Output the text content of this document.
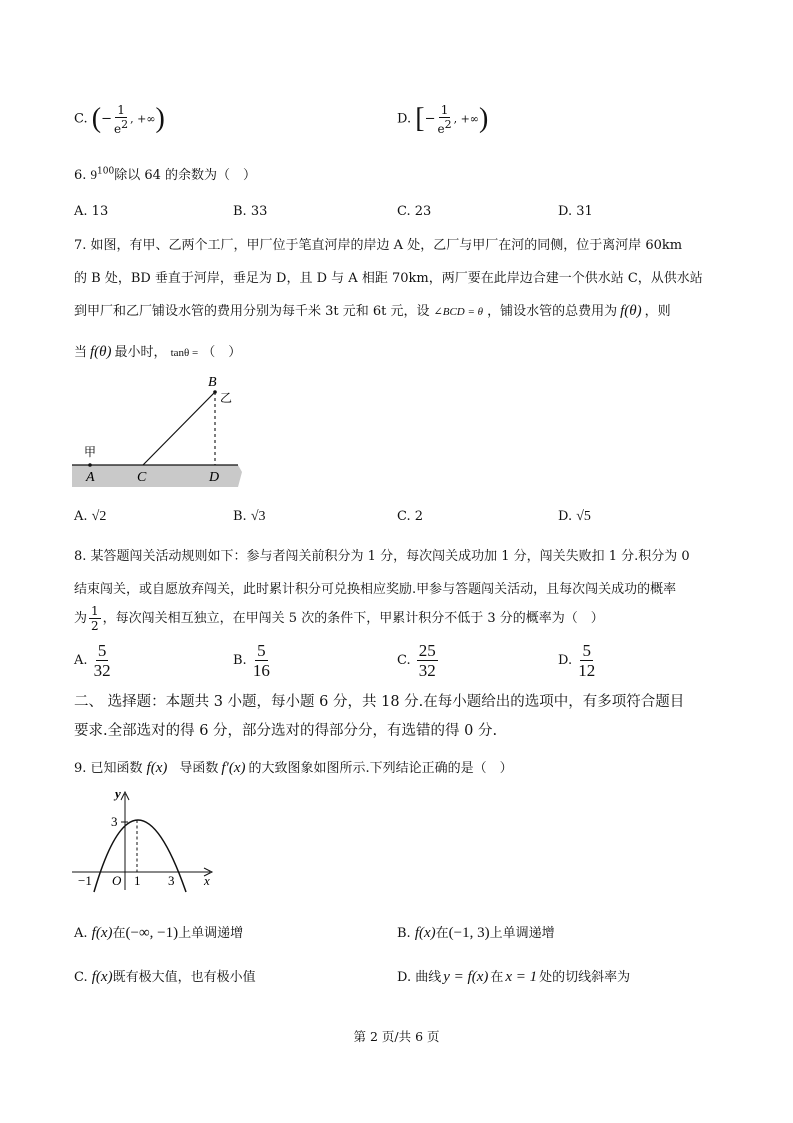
C. (− $\frac{1}{e^2}$ , +∞)	D. [− $\frac{1}{e^2}$ , +∞)
6. $9^{100}$除以 64 的余数为（　）
A. 13	B. 33	C. 23	D. 31
7. 如图，有甲、乙两个工厂，甲厂位于笔直河岸的岸边 A 处，乙厂与甲厂在河的同侧，位于离河岸 60km
的 B 处，BD 垂直于河岸，垂足为 D，且 D 与 A 相距 70km，两厂要在此岸边合建一个供水站 C，从供水站
到甲厂和乙厂铺设水管的费用分别为每千米 3t 元和 6t 元，设 ∠BCD = θ ，铺设水管的总费用为 f(θ) ，则
当 f(θ) 最小时， tanθ = （　）
B
乙
甲
A	C	D
A. √2	B. √3	C. 2	D. √5
8. 某答题闯关活动规则如下：参与者闯关前积分为 1 分，每次闯关成功加 1 分，闯关失败扣 1 分.积分为 0
结束闯关，或自愿放弃闯关，此时累计积分可兑换相应奖励.甲参与答题闯关活动，且每次闯关成功的概率
为 $\frac{1}{2}$ ，每次闯关相互独立，在甲闯关 5 次的条件下，甲累计积分不低于 3 分的概率为（　）
A. $\frac{5}{32}$	B. $\frac{5}{16}$	C. $\frac{25}{32}$	D. $\frac{5}{12}$
二、 选择题：本题共 3 小题，每小题 6 分，共 18 分.在每小题给出的选项中，有多项符合题目
要求.全部选对的得 6 分，部分选对的得部分分，有选错的得 0 分.
9. 已知函数 f(x) 导函数 f′(x) 的大致图象如图所示.下列结论正确的是（　）
y
x
3
−1 O 1 3
A. f(x)在(−∞, −1)上单调递增	B. f(x)在(−1, 3)上单调递增
C. f(x)既有极大值，也有极小值	D. 曲线 y = f(x) 在 x = 1 处的切线斜率为
第 2 页/共 6 页
